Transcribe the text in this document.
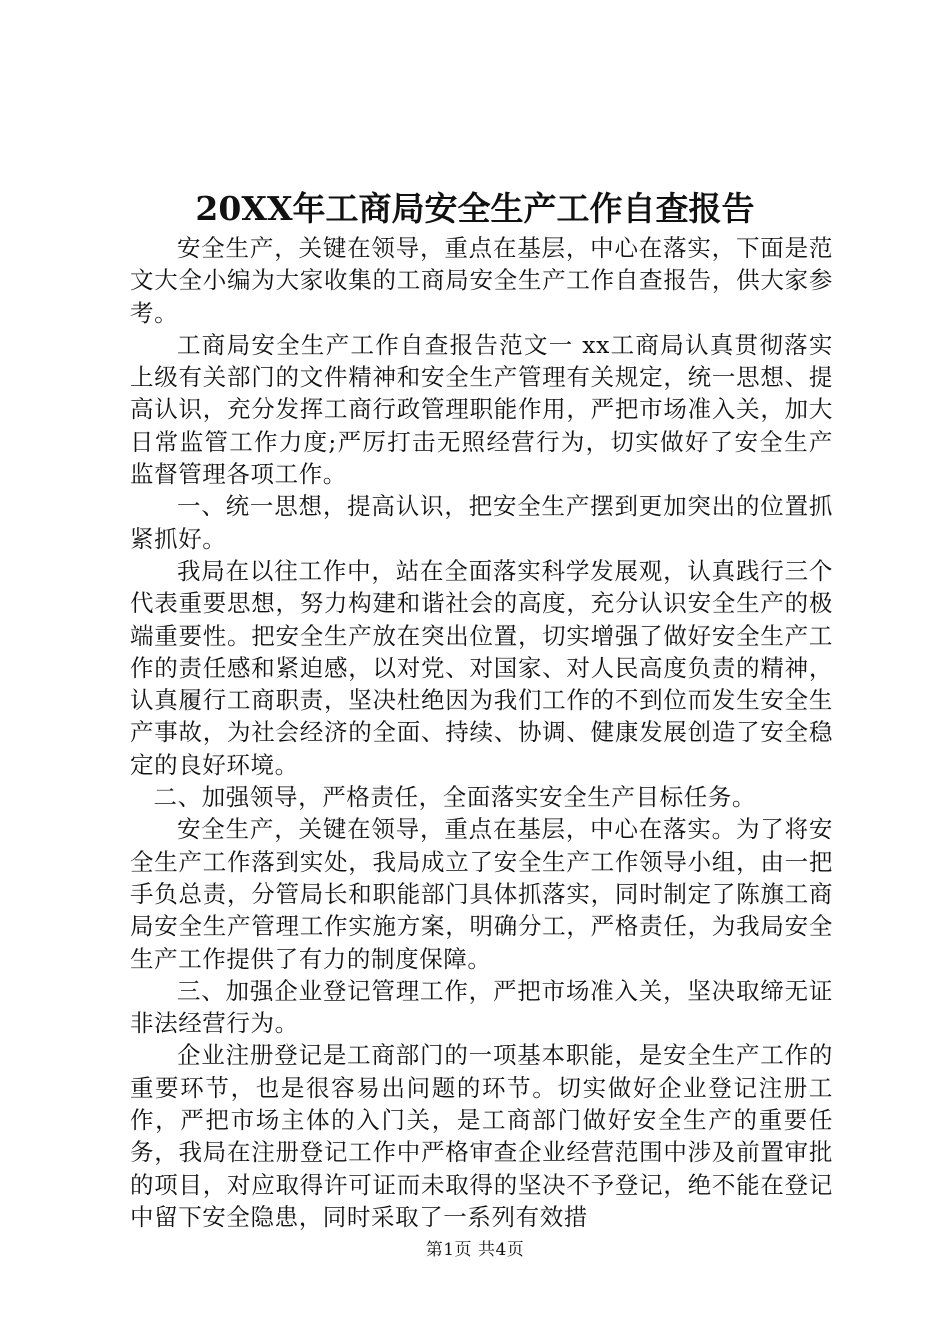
20XX年工商局安全生产工作自查报告

安全生产，关键在领导，重点在基层，中心在落实，下面是范文大全小编为大家收集的工商局安全生产工作自查报告，供大家参考。

工商局安全生产工作自查报告范文一 xx工商局认真贯彻落实上级有关部门的文件精神和安全生产管理有关规定，统一思想、提高认识，充分发挥工商行政管理职能作用，严把市场准入关，加大日常监管工作力度;严厉打击无照经营行为，切实做好了安全生产监督管理各项工作。

一、统一思想，提高认识，把安全生产摆到更加突出的位置抓紧抓好。

我局在以往工作中，站在全面落实科学发展观，认真践行三个代表重要思想，努力构建和谐社会的高度，充分认识安全生产的极端重要性。把安全生产放在突出位置，切实增强了做好安全生产工作的责任感和紧迫感，以对党、对国家、对人民高度负责的精神，认真履行工商职责，坚决杜绝因为我们工作的不到位而发生安全生产事故，为社会经济的全面、持续、协调、健康发展创造了安全稳定的良好环境。

二、加强领导，严格责任，全面落实安全生产目标任务。

安全生产，关键在领导，重点在基层，中心在落实。为了将安全生产工作落到实处，我局成立了安全生产工作领导小组，由一把手负总责，分管局长和职能部门具体抓落实，同时制定了陈旗工商局安全生产管理工作实施方案，明确分工，严格责任，为我局安全生产工作提供了有力的制度保障。

三、加强企业登记管理工作，严把市场准入关，坚决取缔无证非法经营行为。

企业注册登记是工商部门的一项基本职能，是安全生产工作的重要环节，也是很容易出问题的环节。切实做好企业登记注册工作，严把市场主体的入门关，是工商部门做好安全生产的重要任务，我局在注册登记工作中严格审查企业经营范围中涉及前置审批的项目，对应取得许可证而未取得的坚决不予登记，绝不能在登记中留下安全隐患，同时采取了一系列有效措

第1页 共4页
